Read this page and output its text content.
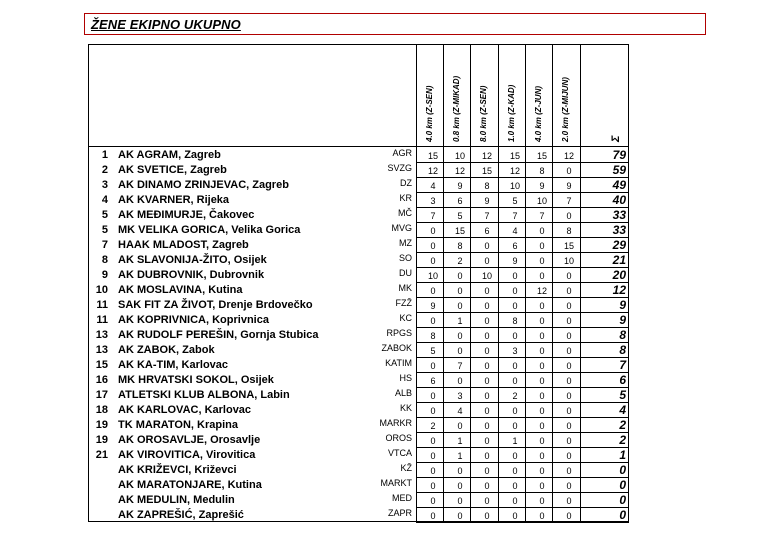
ŽENE EKIPNO UKUPNO
4.0 km (Z-SEN) 0.8 km (Z-MIKAD) 8.0 km (Z-SEN) 1.0 km (Z-KAD) 4.0 km (Z-JUN) 2.0 km (Z-MIJUN)	Σ
1 AK AGRAM, Zagreb	AGR	15	10	12	15	15	12	79
2 AK SVETICE, Zagreb	SVZG	12	12	15	12	8	0	59
3 AK DINAMO ZRINJEVAC, Zagreb	DZ	4	9	8	10	9	9	49
4 AK KVARNER, Rijeka	KR	3	6	9	5	10	7	40
5 AK MEĐIMURJE, Čakovec	MČ	7	5	7	7	7	0	33
5 MK VELIKA GORICA, Velika Gorica	MVG	0	15	6	4	0	8	33
7 HAAK MLADOST, Zagreb	MZ	0	8	0	6	0	15	29
8 AK SLAVONIJA-ŽITO, Osijek	SO	0	2	0	9	0	10	21
9 AK DUBROVNIK, Dubrovnik	DU	10	0	10	0	0	0	20
10 AK MOSLAVINA, Kutina	MK	0	0	0	0	12	0	12
11 SAK FIT ZA ŽIVOT, Drenje Brdovečko	FZŽ	9	0	0	0	0	0	9
11 AK KOPRIVNICA, Koprivnica	KC	0	1	0	8	0	0	9
13 AK RUDOLF PEREŠIN, Gornja Stubica	RPGS	8	0	0	0	0	0	8
13 AK ZABOK, Zabok	ZABOK	5	0	0	3	0	0	8
15 AK KA-TIM, Karlovac	KATIM	0	7	0	0	0	0	7
16 MK HRVATSKI SOKOL, Osijek	HS	6	0	0	0	0	0	6
17 ATLETSKI KLUB ALBONA, Labin	ALB	0	3	0	2	0	0	5
18 AK KARLOVAC, Karlovac	KK	0	4	0	0	0	0	4
19 TK MARATON, Krapina	MARKR	2	0	0	0	0	0	2
19 AK OROSAVLJE, Orosavlje	OROS	0	1	0	1	0	0	2
21 AK VIROVITICA, Virovitica	VTCA	0	1	0	0	0	0	1
AK KRIŽEVCI, Križevci	KŽ	0	0	0	0	0	0	0
AK MARATONJARE, Kutina	MARKT	0	0	0	0	0	0	0
AK MEDULIN, Medulin	MED	0	0	0	0	0	0	0
AK ZAPREŠIĆ, Zaprešić	ZAPR	0	0	0	0	0	0	0
